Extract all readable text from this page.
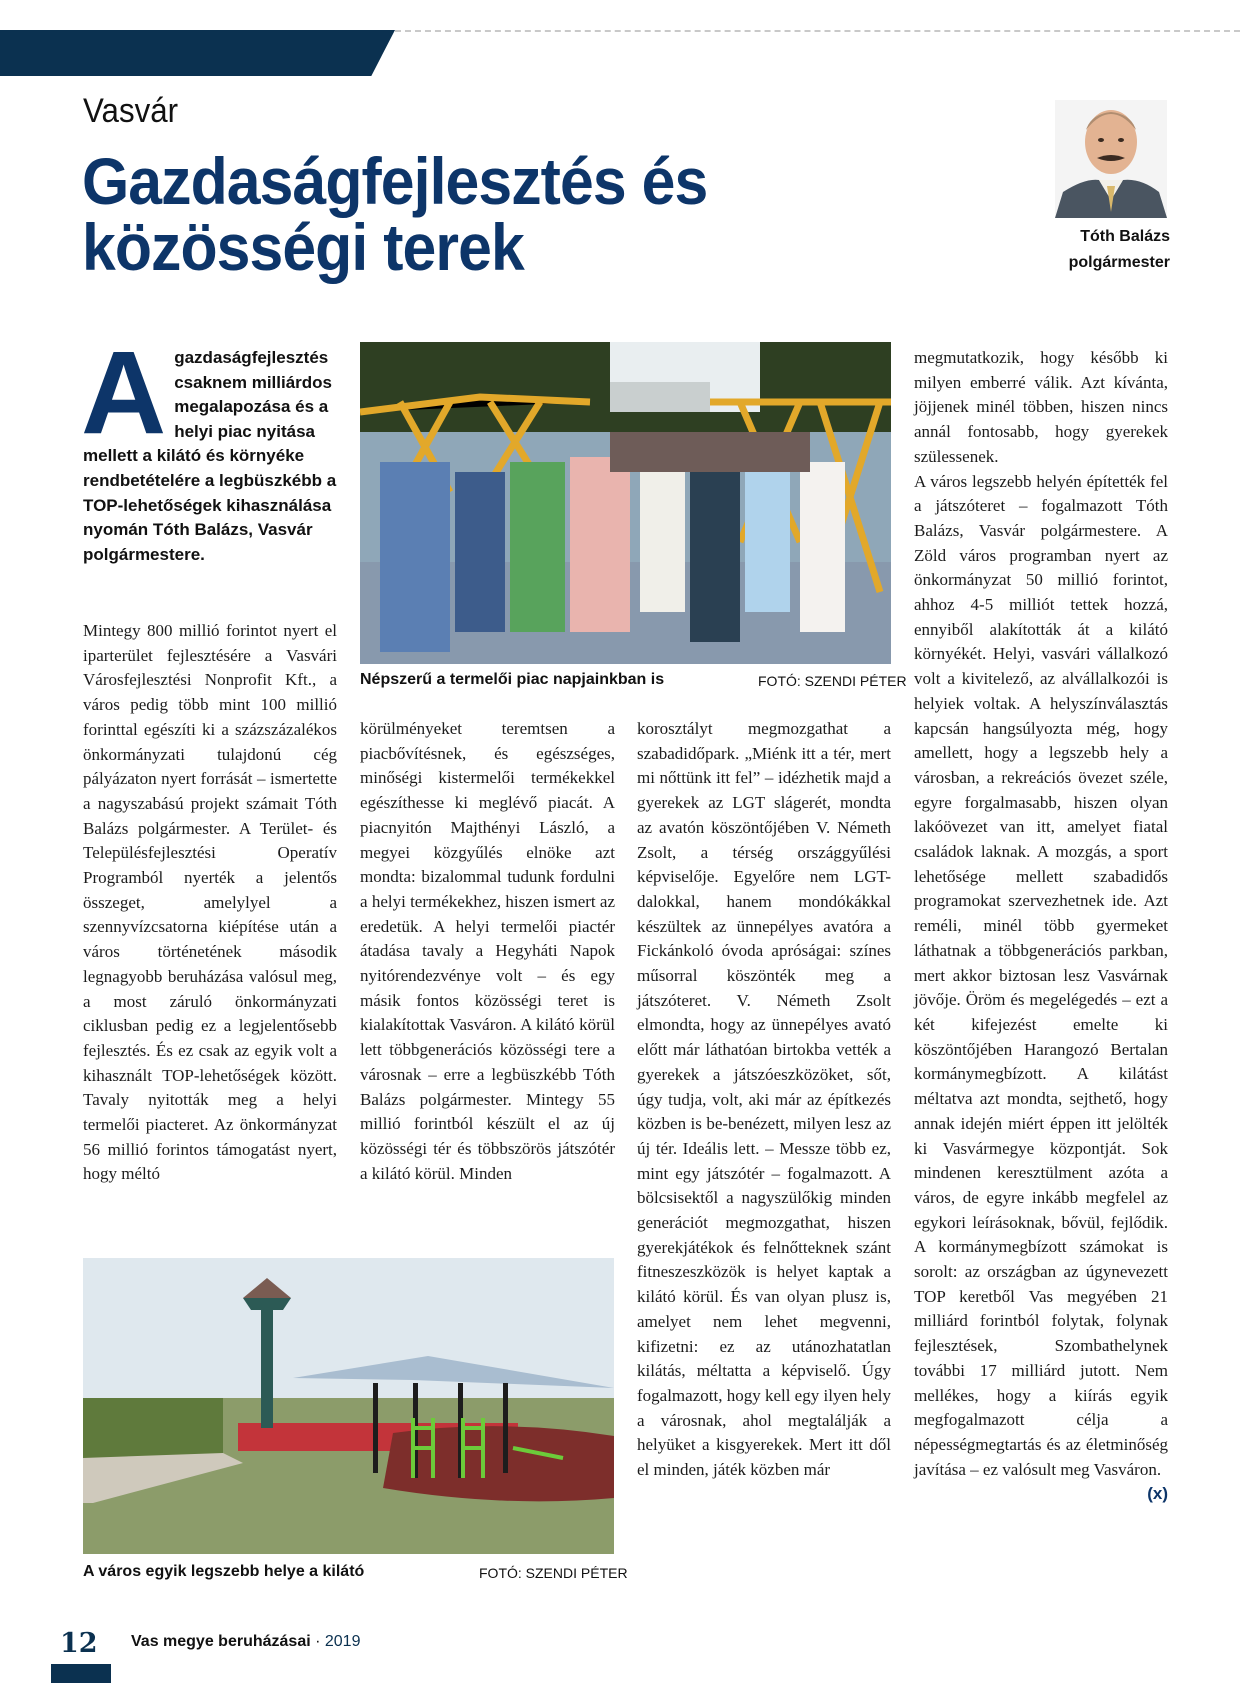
Vasvár
Gazdaságfejlesztés és közösségi terek	Tóth Balázs
polgármester

A gazdaságfejlesztés csaknem milliárdos megalapozása és a helyi piac nyitása mellett a kilátó és környéke rendbetételére a legbüszkébb a TOP-lehetőségek kihasználása nyomán Tóth Balázs, Vasvár polgármestere.

Népszerű a termelői piac napjainkban is	FOTÓ: SZENDI PÉTER

Mintegy 800 millió forintot nyert el iparterület fejlesztésére a Vasvári Városfejlesztési Nonprofit Kft., a város pedig több mint 100 millió forinttal egészíti ki a százszázalékos önkormányzati tulajdonú cég pályázaton nyert forrását – ismertette a nagyszabású projekt számait Tóth Balázs polgármester. A Terület- és Településfejlesztési Operatív Programból nyerték a jelentős összeget, amelylyel a szennyvízcsatorna kiépítése után a város történetének második legnagyobb beruházása valósul meg, a most záruló önkormányzati ciklusban pedig ez a legjelentősebb fejlesztés. És ez csak az egyik volt a kihasznált TOP-lehetőségek között. Tavaly nyitották meg a helyi termelői piacteret. Az önkormányzat 56 millió forintos támogatást nyert, hogy méltó

körülményeket teremtsen a piacbővítésnek, és egészséges, minőségi kistermelői termékekkel egészíthesse ki meglévő piacát. A piacnyitón Majthényi László, a megyei közgyűlés elnöke azt mondta: bizalommal tudunk fordulni a helyi termékekhez, hiszen ismert az eredetük. A helyi termelői piactér átadása tavaly a Hegyháti Napok nyitórendezvénye volt – és egy másik fontos közösségi teret is kialakítottak Vasváron. A kilátó körül lett többgenerációs közösségi tere a városnak – erre a legbüszkébb Tóth Balázs polgármester. Mintegy 55 millió forintból készült el az új közösségi tér és többszörös játszótér a kilátó körül. Minden

korosztályt megmozgathat a szabadidőpark. „Miénk itt a tér, mert mi nőttünk itt fel” – idézhetik majd a gyerekek az LGT slágerét, mondta az avatón köszöntőjében V. Németh Zsolt, a térség országgyűlési képviselője. Egyelőre nem LGT-dalokkal, hanem mondókákkal készültek az ünnepélyes avatóra a Fickánkoló óvoda apróságai: színes műsorral köszönték meg a játszóteret. V. Németh Zsolt elmondta, hogy az ünnepélyes avató előtt már láthatóan birtokba vették a gyerekek a játszóeszközöket, sőt, úgy tudja, volt, aki már az építkezés közben is be-benézett, milyen lesz az új tér. Ideális lett. – Messze több ez, mint egy játszótér – fogalmazott. A bölcsisektől a nagyszülőkig minden generációt megmozgathat, hiszen gyerekjátékok és felnőtteknek szánt fitneszeszközök is helyet kaptak a kilátó körül. És van olyan plusz is, amelyet nem lehet megvenni, kifizetni: ez az utánozhatatlan kilátás, méltatta a képviselő. Úgy fogalmazott, hogy kell egy ilyen hely a városnak, ahol megtalálják a helyüket a kisgyerekek. Mert itt dől el minden, játék közben már

megmutatkozik, hogy később ki milyen emberré válik. Azt kívánta, jöjjenek minél többen, hiszen nincs annál fontosabb, hogy gyerekek szülessenek.

A város legszebb helyén építették fel a játszóteret – fogalmazott Tóth Balázs, Vasvár polgármestere. A Zöld város programban nyert az önkormányzat 50 millió forintot, ahhoz 4-5 milliót tettek hozzá, ennyiből alakították át a kilátó környékét. Helyi, vasvári vállalkozó volt a kivitelező, az alvállalkozói is helyiek voltak. A helyszínválasztás kapcsán hangsúlyozta még, hogy amellett, hogy a legszebb hely a városban, a rekreációs övezet széle, egyre forgalmasabb, hiszen olyan lakóövezet van itt, amelyet fiatal családok laknak. A mozgás, a sport lehetősége mellett szabadidős programokat szervezhetnek ide. Azt reméli, minél több gyermeket láthatnak a többgenerációs parkban, mert akkor biztosan lesz Vasvárnak jövője. Öröm és megelégedés – ezt a két kifejezést emelte ki köszöntőjében Harangozó Bertalan kormánymegbízott. A kilátást méltatva azt mondta, sejthető, hogy annak idején miért éppen itt jelölték ki Vasvármegye központját. Sok mindenen keresztülment azóta a város, de egyre inkább megfelel az egykori leírásoknak, bővül, fejlődik. A kormánymegbízott számokat is sorolt: az országban az úgynevezett TOP keretből Vas megyében 21 milliárd forintból folytak, folynak fejlesztések, Szombathelynek további 17 milliárd jutott. Nem mellékes, hogy a kiírás egyik megfogalmazott célja a népességmegtartás és az életminőség javítása – ez valósult meg Vasváron.
(x)

A város egyik legszebb helye a kilátó	FOTÓ: SZENDI PÉTER
12 Vas megye beruházásai · 2019
